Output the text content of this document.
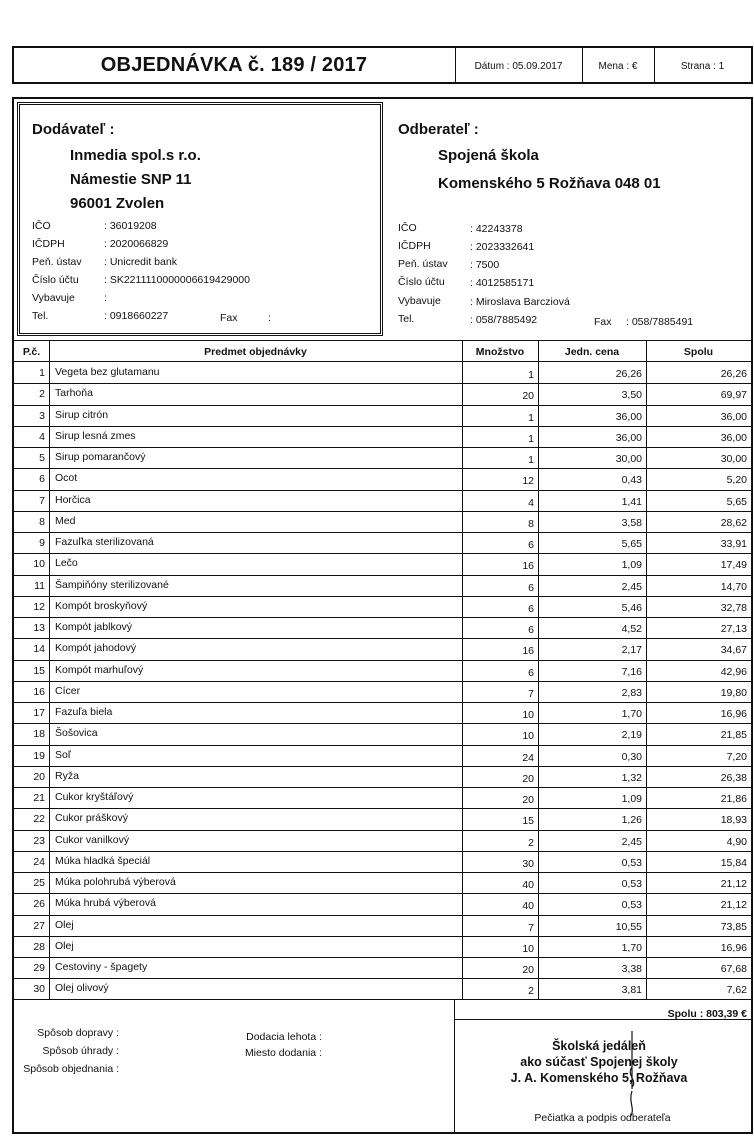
OBJEDNÁVKA č. 189 / 2017	Dátum : 05.09.2017	Mena : €	Strana : 1
Dodávateľ :
Inmedia spol.s r.o.
Námestie SNP 11
96001 Zvolen
IČO	: 36019208
IČDPH	: 2020066829
Peň. ústav : Unicredit bank
Číslo účtu : SK2211110000006619429000
Vybavuje	:
Tel.	: 0918660227	Fax	:
Odberateľ :
Spojená škola
Komenského 5 Rožňava 048 01
IČO	: 42243378
IČDPH	: 2023332641
Peň. ústav : 7500
Číslo účtu : 4012585171
Vybavuje	: Miroslava Barcziová
Tel.	: 058/7885492	Fax : 058/7885491
P.č.	Predmet objednávky	Množstvo	Jedn. cena	Spolu
1 Vegeta bez glutamanu	1	26,26	26,26
2 Tarhoňa	20	3,50	69,97
3 Sirup citrón	1	36,00	36,00
4 Sirup lesná zmes	1	36,00	36,00
5 Sirup pomarančový	1	30,00	30,00
6 Ocot	12	0,43	5,20
7 Horčica	4	1,41	5,65
8 Med	8	3,58	28,62
9 Fazuľka sterilizovaná	6	5,65	33,91
10 Lečo	16	1,09	17,49
11 Šampiňóny sterilizované	6	2,45	14,70
12 Kompót broskyňový	6	5,46	32,78
13 Kompót jablkový	6	4,52	27,13
14 Kompót jahodový	16	2,17	34,67
15 Kompót marhuľový	6	7,16	42,96
16 Cícer	7	2,83	19,80
17 Fazuľa biela	10	1,70	16,96
18 Šošovica	10	2,19	21,85
19 Soľ	24	0,30	7,20
20 Ryža	20	1,32	26,38
21 Cukor kryštáľový	20	1,09	21,86
22 Cukor práškový	15	1,26	18,93
23 Cukor vanilkový	2	2,45	4,90
24 Múka hladká špeciál	30	0,53	15,84
25 Múka polohrubá výberová	40	0,53	21,12
26 Múka hrubá výberová	40	0,53	21,12
27 Olej	7	10,55	73,85
28 Olej	10	1,70	16,96
29 Cestoviny - špagety	20	3,38	67,68
30 Olej olivový	2	3,81	7,62
Spolu : 803,39 €
Spôsob dopravy :
Spôsob úhrady :
Spôsob objednania :
Dodacia lehota :
Miesto dodania :	Školská jedáleň
ako súčasť Spojenej školy
J. A. Komenského 5, Rožňava
Pečiatka a podpis odberateľa
